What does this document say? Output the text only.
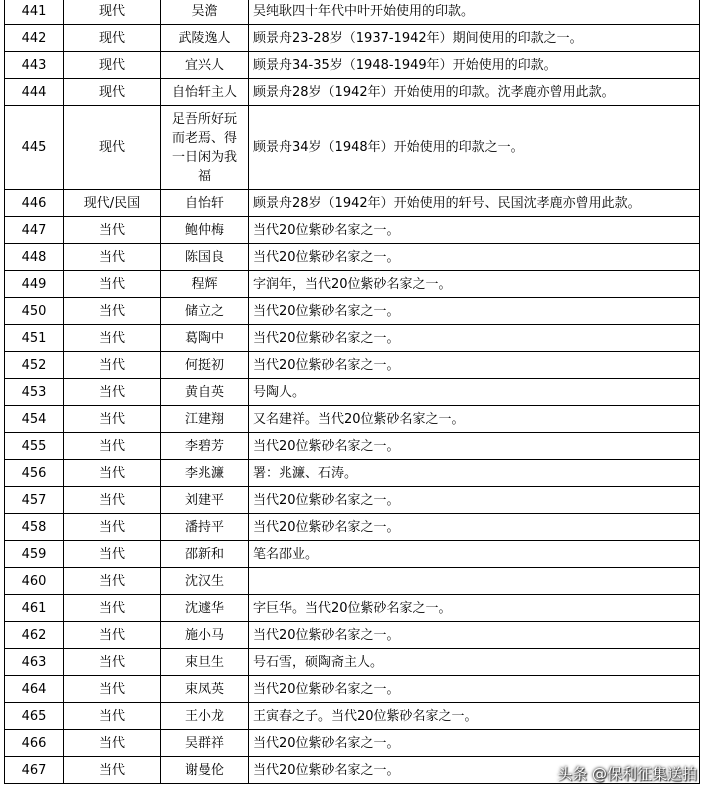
441	现代	吴澹	吴纯耿四十年代中叶开始使用的印款。
442	现代	武陵逸人	顾景舟23-28岁（1937-1942年）期间使用的印款之一。
443	现代	宜兴人	顾景舟34-35岁（1948-1949年）开始使用的印款。
444	现代	自怡轩主人	顾景舟28岁（1942年）开始使用的印款。沈孝鹿亦曾用此款。
445	现代	足吾所好玩
而老焉、得
一日闲为我
福	顾景舟34岁（1948年）开始使用的印款之一。
446	现代/民国	自怡轩	顾景舟28岁（1942年）开始使用的轩号、民国沈孝鹿亦曾用此款。
447	当代	鲍仲梅	当代20位紫砂名家之一。
448	当代	陈国良	当代20位紫砂名家之一。
449	当代	程辉	字润年，当代20位紫砂名家之一。
450	当代	储立之	当代20位紫砂名家之一。
451	当代	葛陶中	当代20位紫砂名家之一。
452	当代	何挺初	当代20位紫砂名家之一。
453	当代	黄自英	号陶人。
454	当代	江建翔	又名建祥。当代20位紫砂名家之一。
455	当代	李碧芳	当代20位紫砂名家之一。
456	当代	李兆濂	署：兆濂、石涛。
457	当代	刘建平	当代20位紫砂名家之一。
458	当代	潘持平	当代20位紫砂名家之一。
459	当代	邵新和	笔名邵业。
460	当代	沈汉生	
461	当代	沈遽华	字巨华。当代20位紫砂名家之一。
462	当代	施小马	当代20位紫砂名家之一。
463	当代	束旦生	号石雪，硕陶斋主人。
464	当代	束凤英	当代20位紫砂名家之一。
465	当代	王小龙	王寅春之子。当代20位紫砂名家之一。
466	当代	吴群祥	当代20位紫砂名家之一。
467	当代	谢曼伦	当代20位紫砂名家之一。	头条 @保利征集送拍
